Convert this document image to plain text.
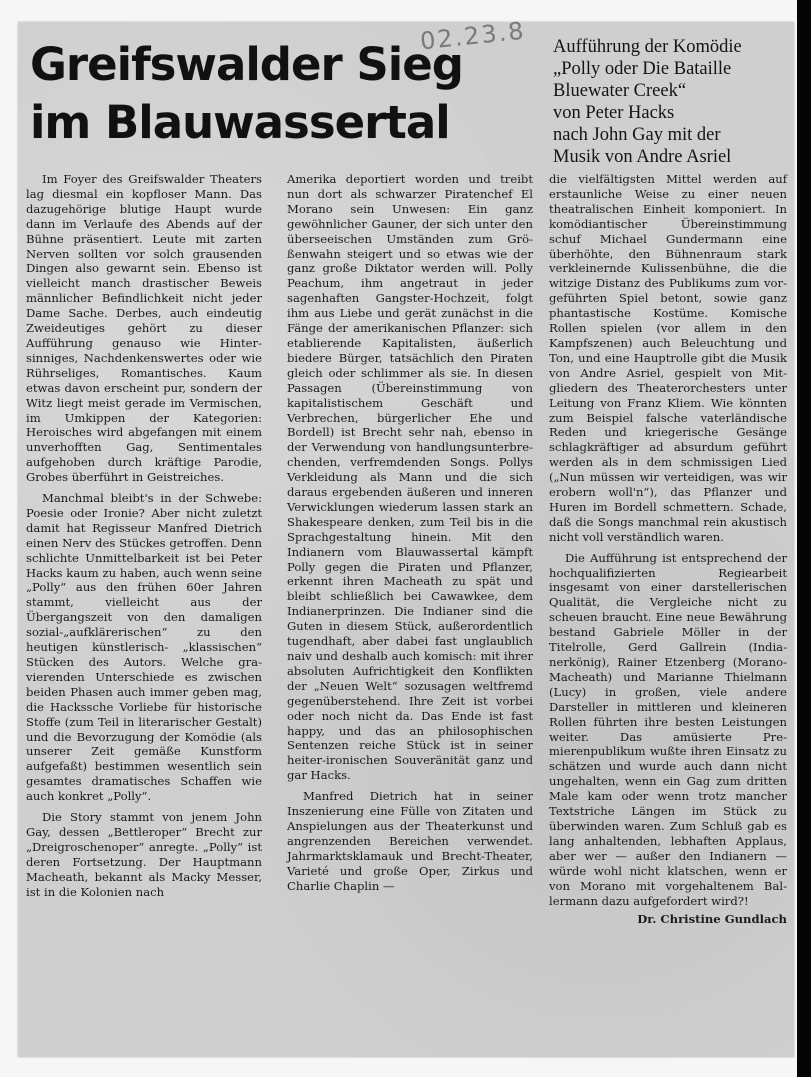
02.23.8
Greifswalder Sieg
im Blauwassertal
Aufführung der Komödie
„Polly oder Die Bataille
Bluewater Creek“
von Peter Hacks
nach John Gay mit der
Musik von Andre Asriel

Im Foyer des Greifswalder Theaters lag diesmal ein kopfloser Mann. Das dazugehörige blutige Haupt wurde dann im Verlaufe des Abends auf der Bühne präsentiert. Leute mit zarten Nerven sollten vor solch grausenden Dingen also gewarnt sein. Ebenso ist vielleicht manch drastischer Beweis männlicher Befindlichkeit nicht jeder Dame Sache. Derbes, auch eindeutig Zweideutiges gehört zu dieser Aufführung genauso wie Hintersinniges, Nachdenkenswertes oder wie Rührseliges, Romantisches. Kaum etwas davon erscheint pur, sondern der Witz liegt meist gerade im Vermischen, im Umkippen der Kategorien: Heroisches wird abgefangen mit einem unverhofften Gag, Sentimentales aufgehoben durch kräftige Parodie, Grobes überführt in Geistreiches.

Manchmal bleibt's in der Schwebe: Poesie oder Ironie? Aber nicht zuletzt damit hat Regisseur Manfred Dietrich einen Nerv des Stückes getroffen. Denn schlichte Unmittelbarkeit ist bei Peter Hacks kaum zu haben, auch wenn seine „Polly“ aus den frühen 60er Jahren stammt, vielleicht aus der Übergangszeit von den damaligen sozial-„aufklärerischen“ zu den heutigen künstlerisch- „klassischen“ Stücken des Autors. Welche gravierenden Unterschiede es zwischen beiden Phasen auch immer geben mag, die Hackssche Vorliebe für historische Stoffe (zum Teil in literarischer Gestalt) und die Bevorzugung der Komödie (als unserer Zeit gemäße Kunstform aufgefaßt) bestimmen wesentlich sein gesamtes dramatisches Schaffen wie auch konkret „Polly“.

Die Story stammt von jenem John Gay, dessen „Bettleroper“ Brecht zur „Dreigroschenoper“ anregte. „Polly“ ist deren Fortsetzung. Der Hauptmann Macheath, bekannt als Macky Messer, ist in die Kolonien nach

Amerika deportiert worden und treibt nun dort als schwarzer Piratenchef El Morano sein Unwesen: Ein ganz gewöhnlicher Gauner, der sich unter den überseeischen Umständen zum Größenwahn steigert und so etwas wie der ganz große Diktator werden will. Polly Peachum, ihm angetraut in jeder sagenhaften Gangster-Hochzeit, folgt ihm aus Liebe und gerät zunächst in die Fänge der amerikanischen Pflanzer: sich etablierende Kapitalisten, äußerlich biedere Bürger, tatsächlich den Piraten gleich oder schlimmer als sie. In diesen Passagen (Übereinstimmung von kapitalistischem Geschäft und Verbrechen, bürgerlicher Ehe und Bordell) ist Brecht sehr nah, ebenso in der Verwendung von handlungsunterbrechenden, verfremdenden Songs. Pollys Verkleidung als Mann und die sich daraus ergebenden äußeren und inneren Verwicklungen wiederum lassen stark an Shakespeare denken, zum Teil bis in die Sprachgestaltung hinein. Mit den Indianern vom Blauwassertal kämpft Polly gegen die Piraten und Pflanzer, erkennt ihren Macheath zu spät und bleibt schließlich bei Cawawkee, dem Indianerprinzen. Die Indianer sind die Guten in diesem Stück, außerordentlich tugendhaft, aber dabei fast unglaublich naiv und deshalb auch komisch: mit ihrer absoluten Aufrichtigkeit den Konflikten der „Neuen Welt“ sozusagen weltfremd gegenüberstehend. Ihre Zeit ist vorbei oder noch nicht da. Das Ende ist fast happy, und das an philosophischen Sentenzen reiche Stück ist in seiner heiter-ironischen Souveränität ganz und gar Hacks.

Manfred Dietrich hat in seiner Inszenierung eine Fülle von Zitaten und Anspielungen aus der Theaterkunst und angrenzenden Bereichen verwendet. Jahrmarktsklamauk und Brecht-Theater, Varieté und große Oper, Zirkus und Charlie Chaplin —

die vielfältigsten Mittel werden auf erstaunliche Weise zu einer neuen theatralischen Einheit komponiert. In komödiantischer Übereinstimmung schuf Michael Gundermann eine überhöhte, den Bühnenraum stark verkleinernde Kulissenbühne, die die witzige Distanz des Publikums zum vorgeführten Spiel betont, sowie ganz phantastische Kostüme. Komische Rollen spielen (vor allem in den Kampfszenen) auch Beleuchtung und Ton, und eine Hauptrolle gibt die Musik von Andre Asriel, gespielt von Mitgliedern des Theaterorchesters unter Leitung von Franz Kliem. Wie könnten zum Beispiel falsche vaterländische Reden und kriegerische Gesänge schlagkräftiger ad absurdum geführt werden als in dem schmissigen Lied („Nun müssen wir verteidigen, was wir erobern woll'n“), das Pflanzer und Huren im Bordell schmettern. Schade, daß die Songs manchmal rein akustisch nicht voll verständlich waren.

Die Aufführung ist entsprechend der hochqualifizierten Regiearbeit insgesamt von einer darstellerischen Qualität, die Vergleiche nicht zu scheuen braucht. Eine neue Bewährung bestand Gabriele Möller in der Titelrolle, Gerd Gallrein (Indianerkönig), Rainer Etzenberg (Morano-Macheath) und Marianne Thielmann (Lucy) in großen, viele andere Darsteller in mittleren und kleineren Rollen führten ihre besten Leistungen weiter. Das amüsierte Premierenpublikum wußte ihren Einsatz zu schätzen und wurde auch dann nicht ungehalten, wenn ein Gag zum dritten Male kam oder wenn trotz mancher Textstriche Längen im Stück zu überwinden waren. Zum Schluß gab es lang anhaltenden, lebhaften Applaus, aber wer — außer den Indianern — würde wohl nicht klatschen, wenn er von Morano mit vorgehaltenem Ballermann dazu aufgefordert wird?!

Dr. Christine Gundlach
